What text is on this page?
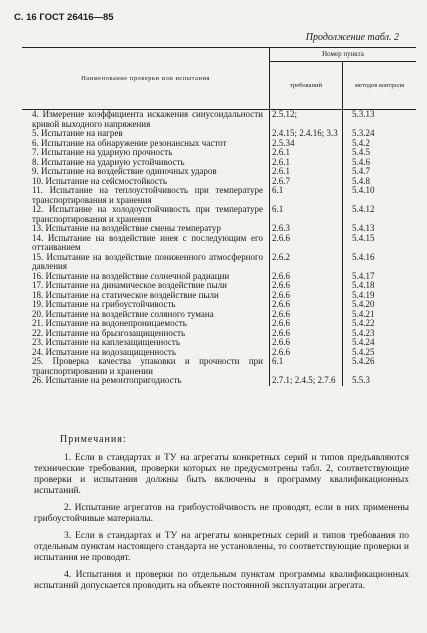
С. 16 ГОСТ 26416—85
Продолжение табл. 2
Наименование проверки или испытания
Номер пункта
требований	методов контроля
4. Измерение коэффициента искажения синусоидальности кривой выходного напряжения
2.5.12;	5.3.13
5. Испытание на нагрев	2.4.15; 2.4.16; 3.3	5.3.24
6. Испытание на обнаружение резонансных частот	2.5.34	5.4.2
7. Испытание на ударную прочность	2.6.1	5.4.5
8. Испытание на ударную устойчивость	2.6.1	5.4.6
9. Испытание на воздействие одиночных ударов	2.6.1	5.4.7
10. Испытание на сейсмостойкость	2.6.7	5.4.8
11. Испытание на теплоустойчивость при температуре транспортирования и хранения
6.1	5.4.10
12. Испытание на холодоустойчивость при температуре транспортирования и хранения
6.1	5.4.12
13. Испытание на воздействие смены температур	2.6.3	5.4.13
14. Испытание на воздействие инея с последующим его оттаиванием
2.6.6	5.4.15
15. Испытание на воздействие пониженного атмосферного давления
2.6.2	5.4.16
16. Испытание на воздействие солнечной радиации	2.6.6	5.4.17
17. Испытание на динамическое воздействие пыли	2.6.6	5.4.18
18. Испытание на статическое воздействие пыли	2.6.6	5.4.19
19. Испытание на грибоустойчивость	2.6.6	5.4.20
20. Испытание на воздействие соляного тумана	2.6.6	5.4.21
21. Испытание на водонепроницаемость	2.6.6	5.4.22
22. Испытание на брызгозащищенность	2.6.6	5.4.23
23. Испытание на каплезащищенность	2.6.6	5.4.24
24. Испытание на водозащищенность	2.6.6	5.4.25
25. Проверка качества упаковки и прочности при транспортировании и хранении
6.1	5.4.26
26. Испытание на ремонтопригодность	2.7.1; 2.4.5; 2.7.6	5.5.3
Примечания:

1. Если в стандартах и ТУ на агрегаты конкретных серий и типов предъявляются технические требования, проверки которых не предусмотрены табл. 2, соответствующие проверки и испытания должны быть включены в программу квалификационных испытаний.

2. Испытание агрегатов на грибоустойчивость не проводят, если в них применены грибоустойчивые материалы.

3. Если в стандартах и ТУ на агрегаты конкретных серий и типов требования по отдельным пунктам настоящего стандарта не установлены, то соответствующие проверки и испытания не проводят.

4. Испытания и проверки по отдельным пунктам программы квалификационных испытаний допускается проводить на объекте постоянной эксплуатации агрегата.
